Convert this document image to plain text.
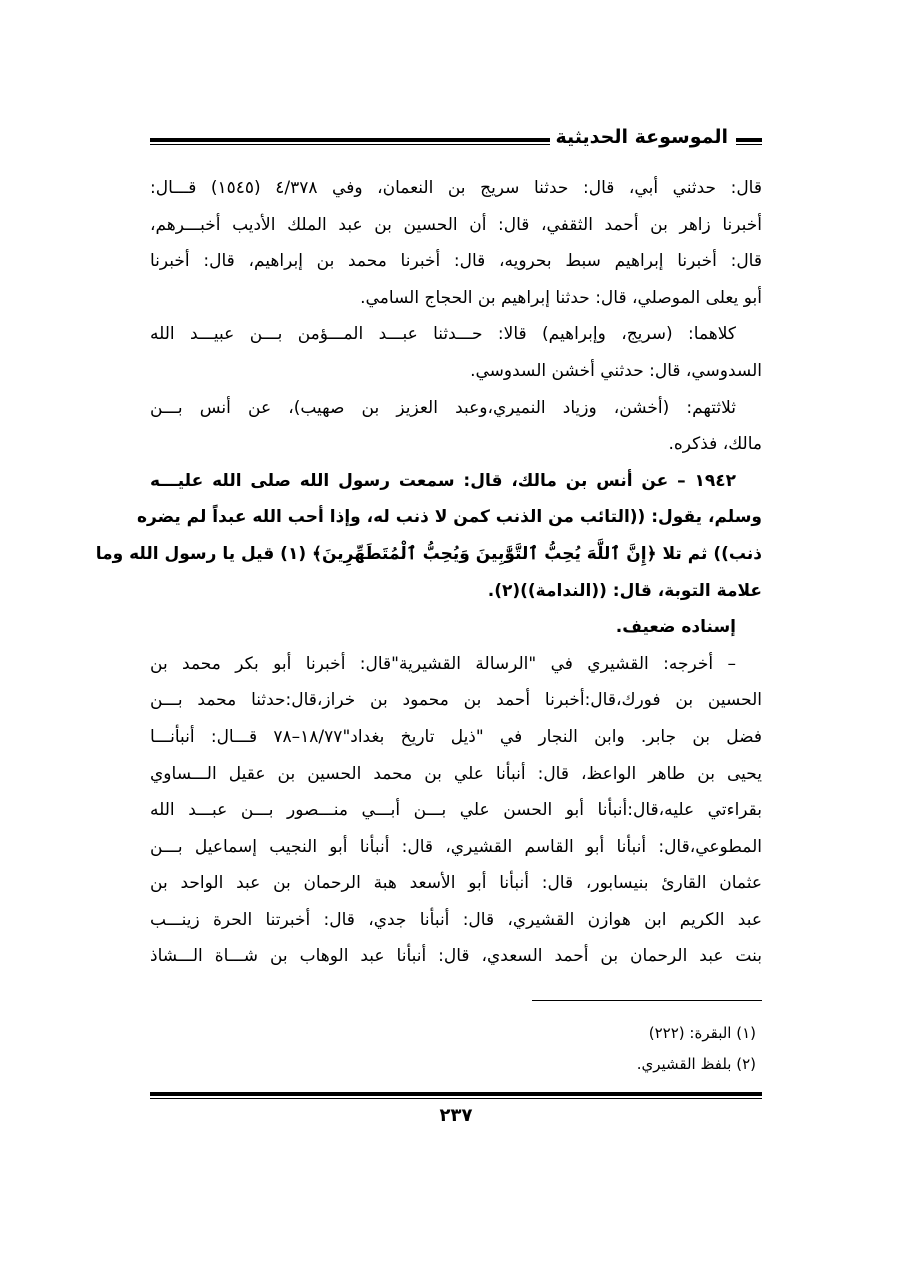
الموسوعة الحديثية
قال: حدثني أبي، قال: حدثنا سريج بن النعمان، وفي ٤/٣٧٨ (١٥٤٥) قـــال:
أخبرنا زاهر بن أحمد الثقفي، قال: أن الحسين بن عبد الملك الأديب أخبـــرهم،
قال: أخبرنا إبراهيم سبط بحرويه، قال: أخبرنا محمد بن إبراهيم، قال: أخبرنا
أبو يعلى الموصلي، قال: حدثنا إبراهيم بن الحجاج السامي.
كلاهما: (سريج، وإبراهيم) قالا: حـــدثنا عبـــد المـــؤمن بـــن عبيـــد الله
السدوسي، قال: حدثني أخشن السدوسي.
ثلاثتهم: (أخشن، وزياد النميري،وعبد العزيز بن صهيب)، عن أنس بـــن
مالك، فذكره.
١٩٤٢ – عن أنس بن مالك، قال: سمعت رسول الله صلى الله عليـــه
وسلم، يقول: ((التائب من الذنب كمن لا ذنب له، وإذا أحب الله عبداً لم يضره
ذنب)) ثم تلا ﴿إِنَّ ٱللَّهَ يُحِبُّ ٱلتَّوَّٰبِينَ وَيُحِبُّ ٱلْمُتَطَهِّرِينَ﴾ (١) قيل يا رسول الله وما
علامة التوبة، قال: ((الندامة))(٢).
إسناده ضعيف.
– أخرجه: القشيري في "الرسالة القشيرية"قال: أخبرنا أبو بكر محمد بن
الحسين بن فورك،قال:أخبرنا أحمد بن محمود بن خراز،قال:حدثنا محمد بـــن
فضل بن جابر. وابن النجار في "ذيل تاريخ بغداد"١٨/٧٧–٧٨ قـــال: أنبأنـــا
يحيى بن طاهر الواعظ، قال: أنبأنا علي بن محمد الحسين بن عقيل الـــساوي
بقراءتي عليه،قال:أنبأنا أبو الحسن علي بـــن أبـــي منـــصور بـــن عبـــد الله
المطوعي،قال: أنبأنا أبو القاسم القشيري، قال: أنبأنا أبو النجيب إسماعيل بـــن
عثمان القارئ بنيسابور، قال: أنبأنا أبو الأسعد هبة الرحمان بن عبد الواحد بن
عبد الكريم ابن هوازن القشيري، قال: أنبأنا جدي، قال: أخبرتنا الحرة زينـــب
بنت عبد الرحمان بن أحمد السعدي، قال: أنبأنا عبد الوهاب بن شـــاة الـــشاذ
(١) البقرة: (٢٢٢)
(٢) بلفظ القشيري.
٢٣٧
